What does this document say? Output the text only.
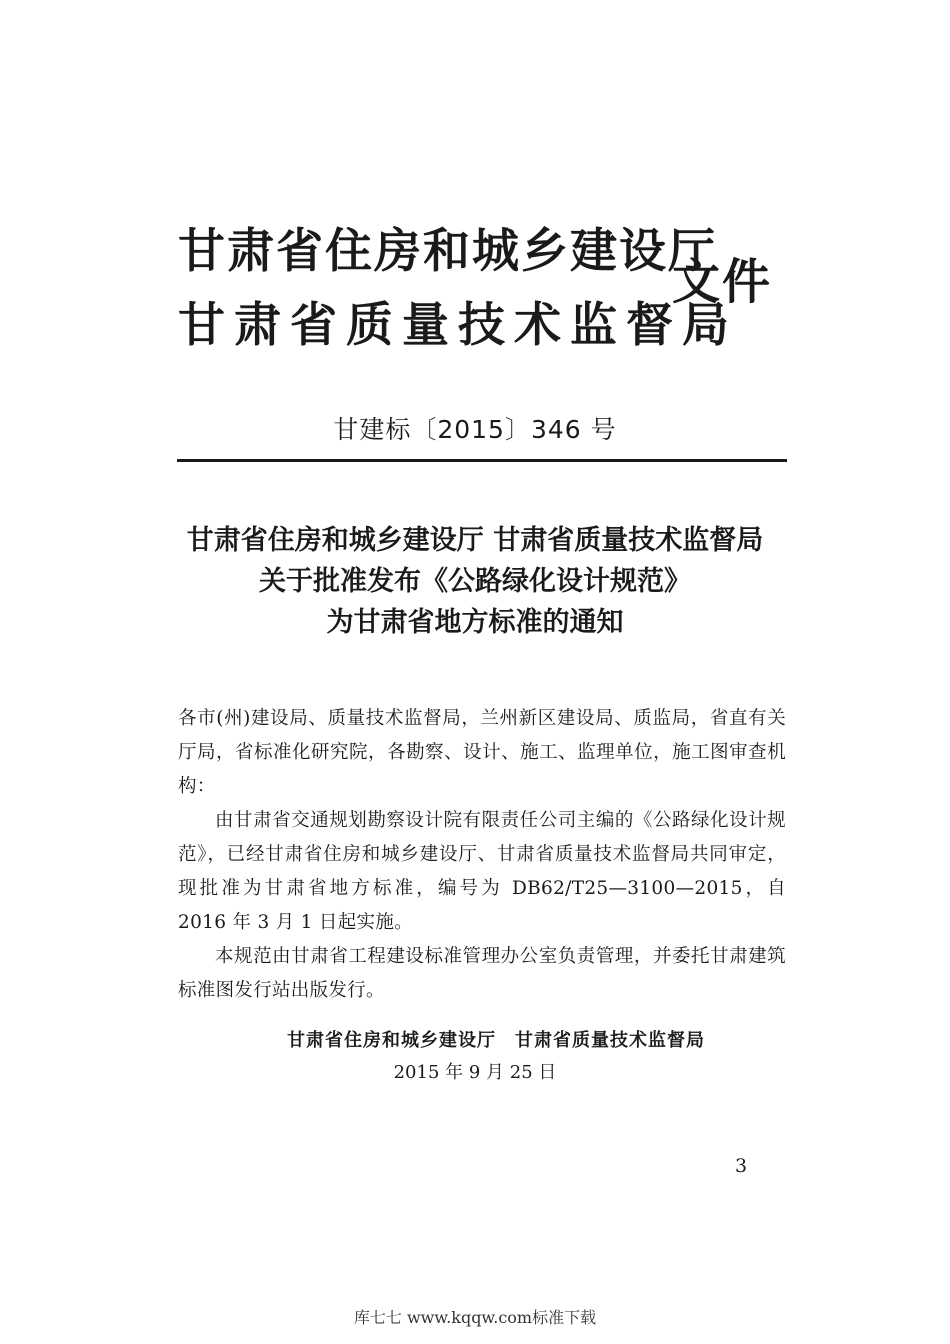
甘肃省住房和城乡建设厅
甘肃省质量技术监督局
文件
甘建标〔2015〕346 号
甘肃省住房和城乡建设厅 甘肃省质量技术监督局
关于批准发布《公路绿化设计规范》
为甘肃省地方标准的通知

各市(州)建设局、质量技术监督局，兰州新区建设局、质监局，省直有关厅局，省标准化研究院，各勘察、设计、施工、监理单位，施工图审查机构：

由甘肃省交通规划勘察设计院有限责任公司主编的《公路绿化设计规范》，已经甘肃省住房和城乡建设厅、甘肃省质量技术监督局共同审定，现批准为甘肃省地方标准，编号为 DB62/T25—3100—2015，自 2016 年 3 月 1 日起实施。

本规范由甘肃省工程建设标准管理办公室负责管理，并委托甘肃建筑标准图发行站出版发行。

甘肃省住房和城乡建设厅　甘肃省质量技术监督局
2015 年 9 月 25 日
3
库七七 www.kqqw.com标准下载
